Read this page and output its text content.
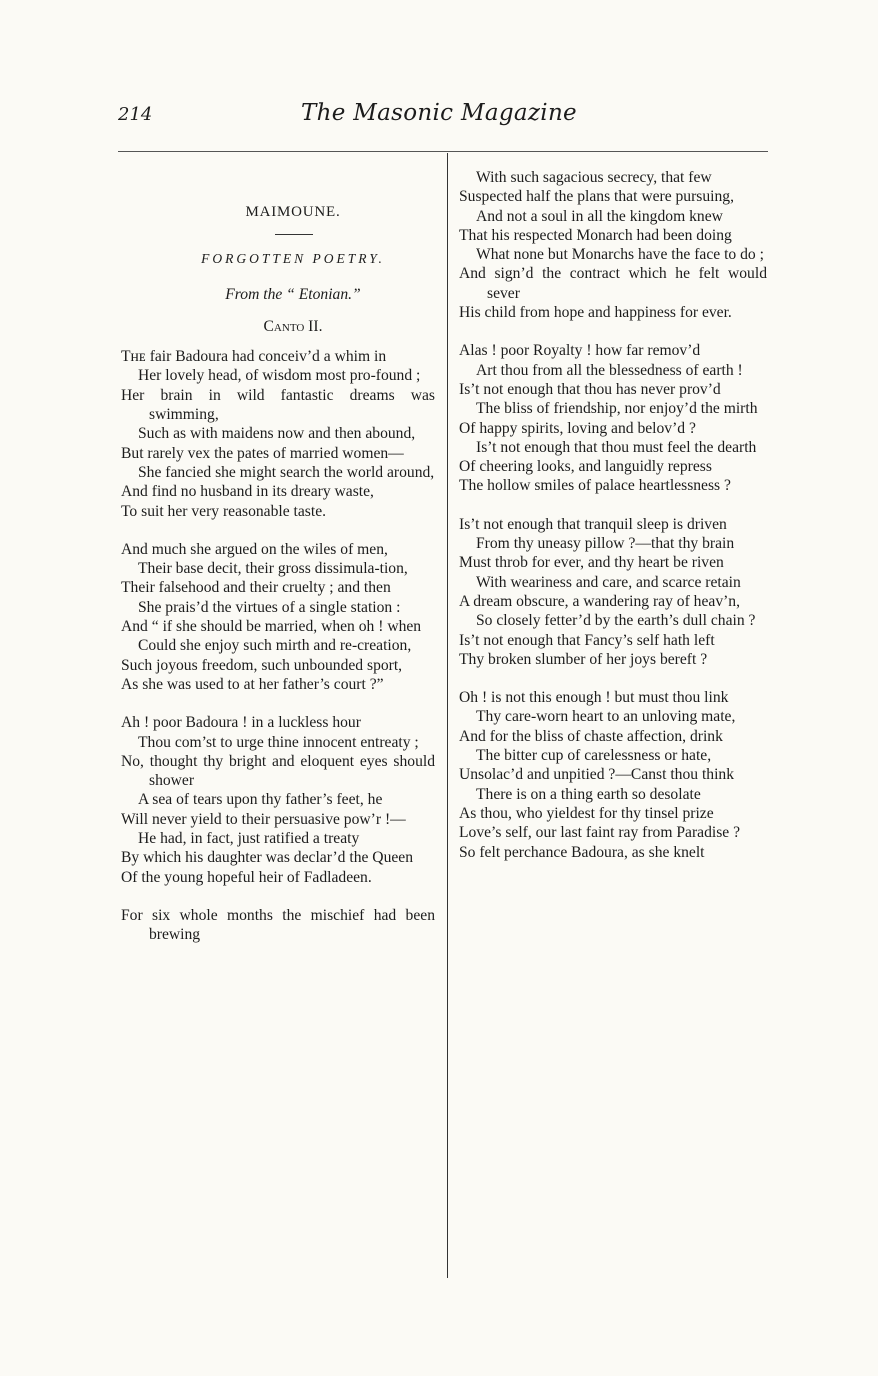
214	The Masonic Magazine

MAIMOUNE.

FORGOTTEN POETRY.

From the “ Etonian.”

Canto II.

Tʜᴇ fair Badoura had conceiv’d a whim in

Her lovely head, of wisdom most pro-found ;

Her brain in wild fantastic dreams was swimming,

Such as with maidens now and then abound,

But rarely vex the pates of married women—

She fancied she might search the world around,

And find no husband in its dreary waste,

To suit her very reasonable taste.

And much she argued on the wiles of men,

Their base decit, their gross dissimula-tion,

Their falsehood and their cruelty ; and then

She prais’d the virtues of a single station :

And “ if she should be married, when oh ! when

Could she enjoy such mirth and re-creation,

Such joyous freedom, such unbounded sport,

As she was used to at her father’s court ?”

Ah ! poor Badoura ! in a luckless hour

Thou com’st to urge thine innocent entreaty ;

No, thought thy bright and eloquent eyes should shower

A sea of tears upon thy father’s feet, he

Will never yield to their persuasive pow’r !—

He had, in fact, just ratified a treaty

By which his daughter was declar’d the Queen

Of the young hopeful heir of Fadladeen.

For six whole months the mischief had been brewing

With such sagacious secrecy, that few

Suspected half the plans that were pursuing,

And not a soul in all the kingdom knew

That his respected Monarch had been doing

What none but Monarchs have the face to do ;

And sign’d the contract which he felt would sever

His child from hope and happiness for ever.

Alas ! poor Royalty ! how far remov’d

Art thou from all the blessedness of earth !

Is’t not enough that thou has never prov’d

The bliss of friendship, nor enjoy’d the mirth

Of happy spirits, loving and belov’d ?

Is’t not enough that thou must feel the dearth

Of cheering looks, and languidly repress

The hollow smiles of palace heartlessness ?

Is’t not enough that tranquil sleep is driven

From thy uneasy pillow ?—that thy brain

Must throb for ever, and thy heart be riven

With weariness and care, and scarce retain

A dream obscure, a wandering ray of heav’n,

So closely fetter’d by the earth’s dull chain ?

Is’t not enough that Fancy’s self hath left

Thy broken slumber of her joys bereft ?

Oh ! is not this enough ! but must thou link

Thy care-worn heart to an unloving mate,

And for the bliss of chaste affection, drink

The bitter cup of carelessness or hate,

Unsolac’d and unpitied ?—Canst thou think

There is on a thing earth so desolate

As thou, who yieldest for thy tinsel prize

Love’s self, our last faint ray from Paradise ?

So felt perchance Badoura, as she knelt
